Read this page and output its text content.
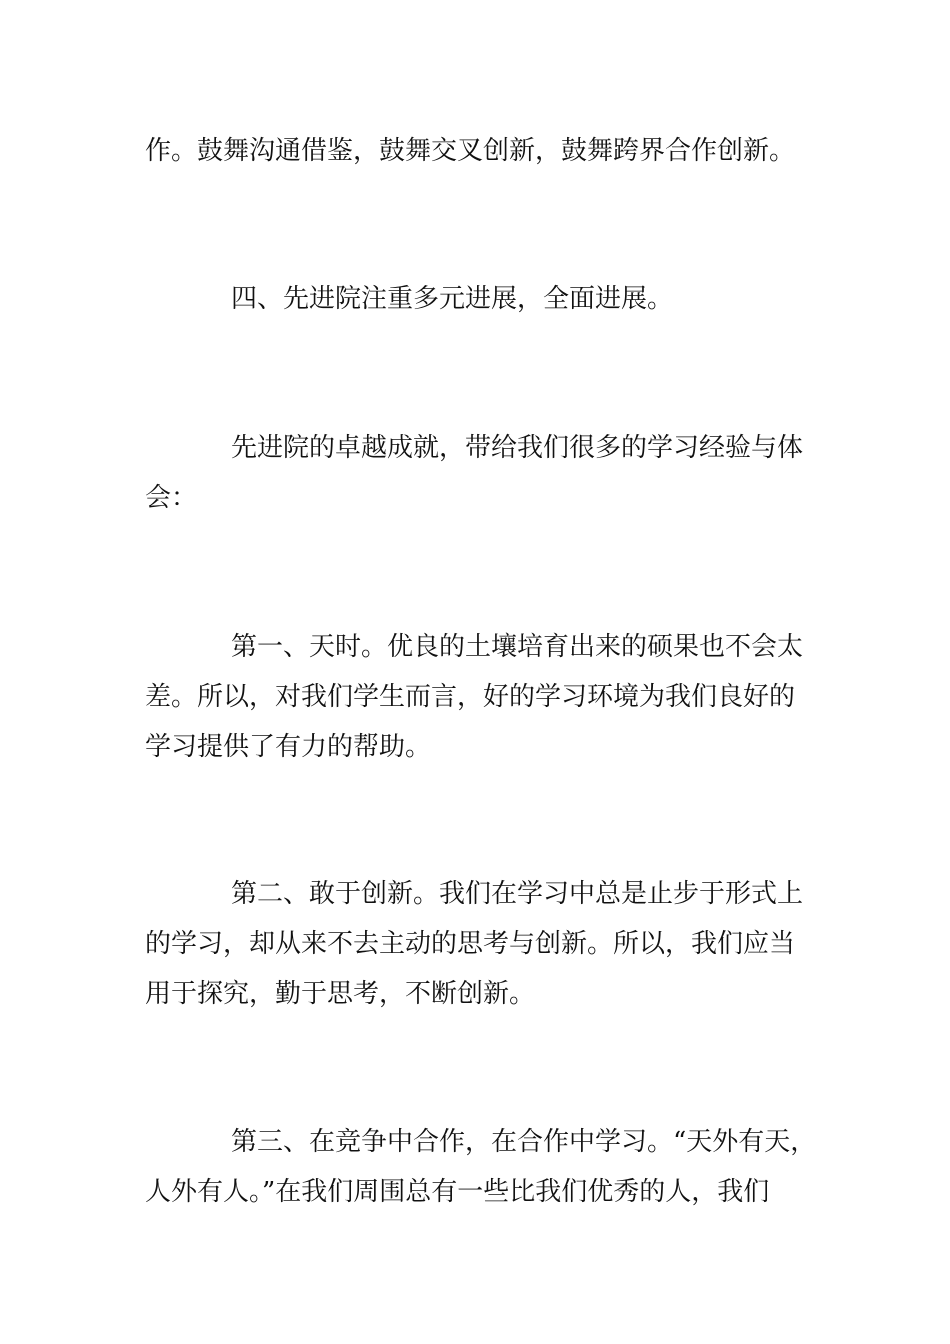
作。鼓舞沟通借鉴，鼓舞交叉创新，鼓舞跨界合作创新。
四、先进院注重多元进展，全面进展。
先进院的卓越成就，带给我们很多的学习经验与体
会：
第一、天时。优良的土壤培育出来的硕果也不会太
差。所以，对我们学生而言，好的学习环境为我们良好的
学习提供了有力的帮助。
第二、敢于创新。我们在学习中总是止步于形式上
的学习，却从来不去主动的思考与创新。所以，我们应当
用于探究，勤于思考，不断创新。
第三、在竞争中合作，在合作中学习。“天外有天，
人外有人。”在我们周围总有一些比我们优秀的人，我们
